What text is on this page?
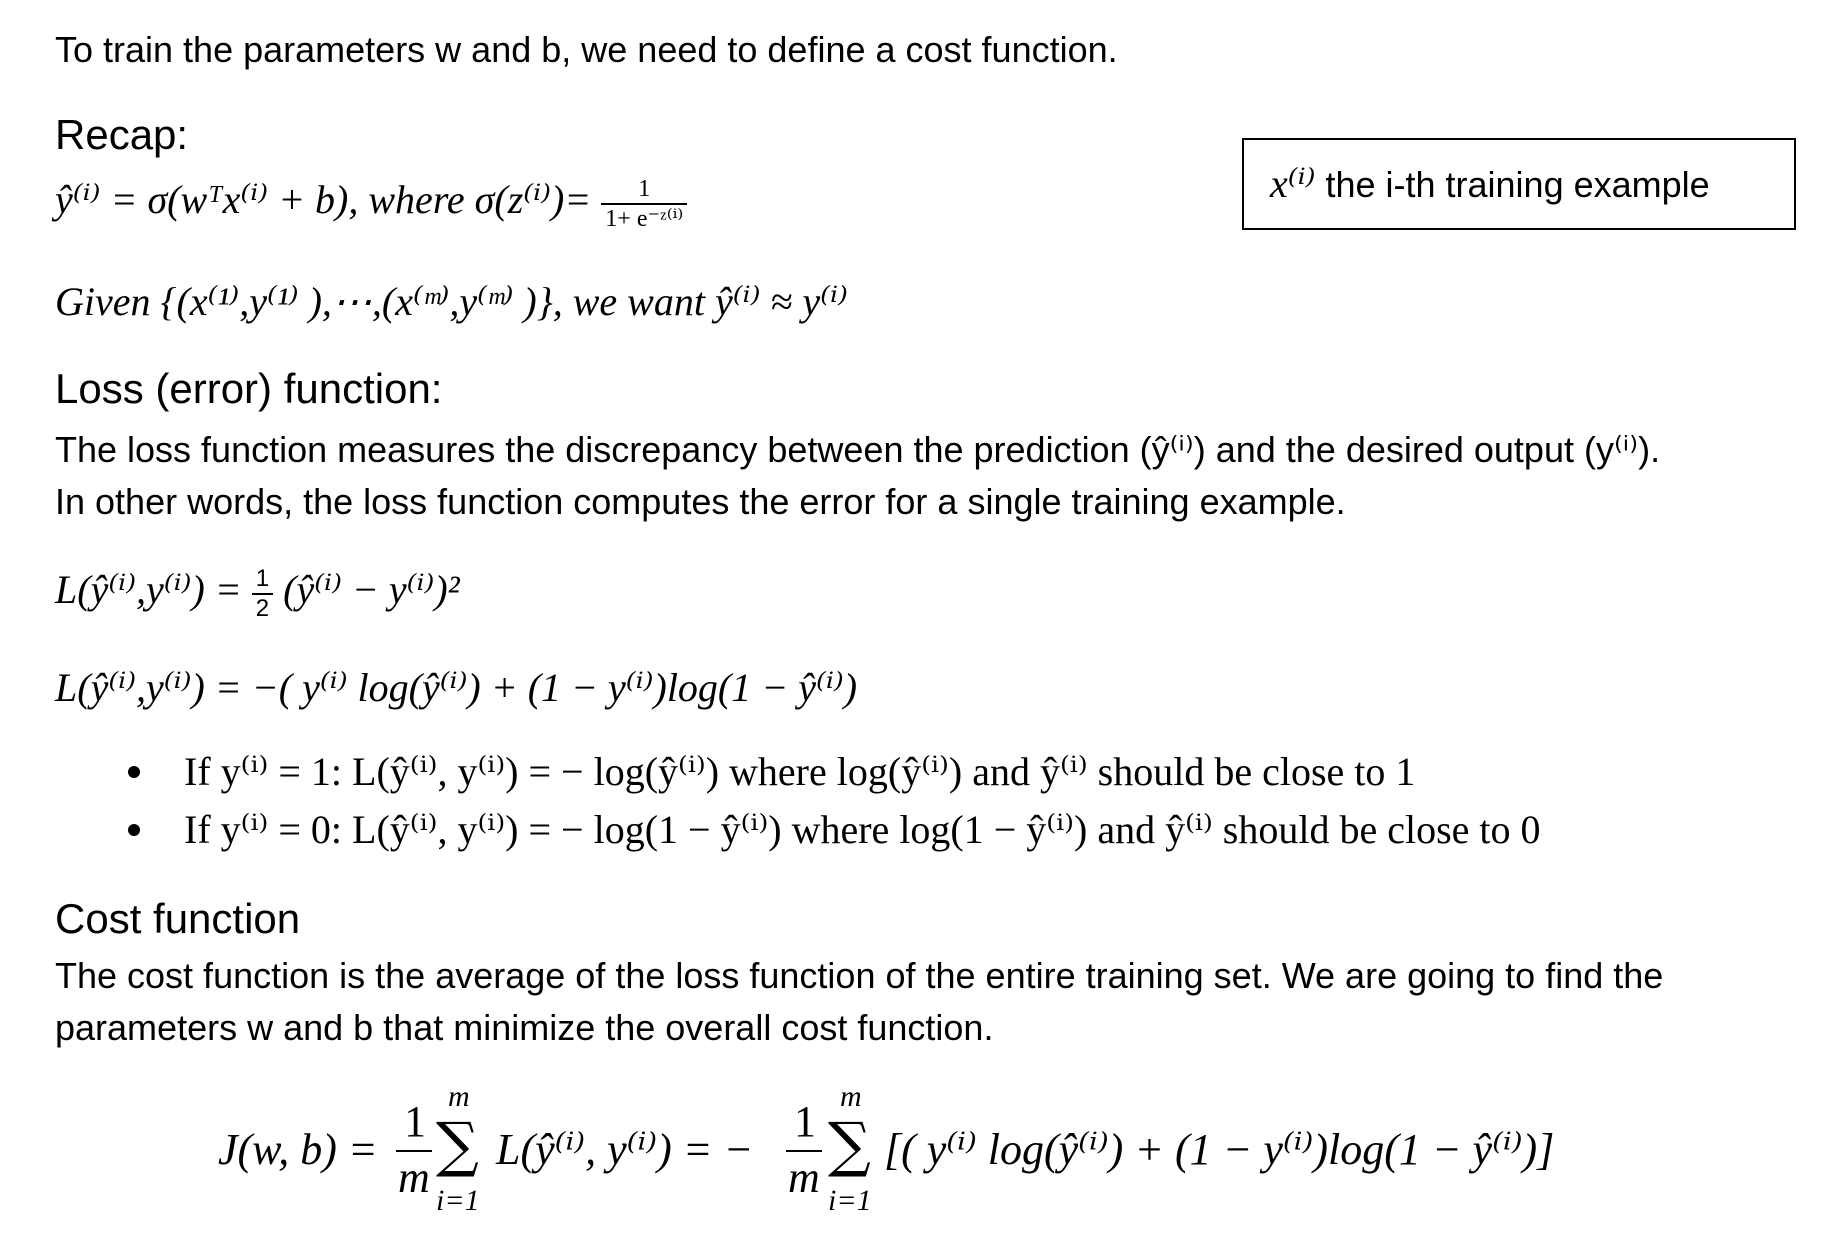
To train the parameters w and b, we need to define a cost function.
Recap:
ŷ⁽ⁱ⁾ = σ(wᵀx⁽ⁱ⁾ + b), where $\sigma(z^{(i)})= \frac{1}{\text{1+ e⁻ᶻ⁽ⁱ⁾}}$
Given {(x⁽¹⁾,y⁽¹⁾ ),⋯,(x⁽ᵐ⁾,y⁽ᵐ⁾ )}, we want ŷ⁽ⁱ⁾ ≈ y⁽ⁱ⁾
x⁽ⁱ⁾ the i-th training example
Loss (error) function:
The loss function measures the discrepancy between the prediction (ŷ⁽ⁱ⁾) and the desired output (y⁽ⁱ⁾).
In other words, the loss function computes the error for a single training example.
L(ŷ⁽ⁱ⁾,y⁽ⁱ⁾) = $\frac{1}{2}$ (ŷ⁽ⁱ⁾ − y⁽ⁱ⁾)²
L(ŷ⁽ⁱ⁾,y⁽ⁱ⁾) = −( y⁽ⁱ⁾ log(ŷ⁽ⁱ⁾) + (1 − y⁽ⁱ⁾)log(1 − ŷ⁽ⁱ⁾)
If y⁽ⁱ⁾ = 1: L(ŷ⁽ⁱ⁾, y⁽ⁱ⁾) = − log(ŷ⁽ⁱ⁾) where log(ŷ⁽ⁱ⁾) and ŷ⁽ⁱ⁾ should be close to 1
If y⁽ⁱ⁾ = 0: L(ŷ⁽ⁱ⁾, y⁽ⁱ⁾) = − log(1 − ŷ⁽ⁱ⁾) where log(1 − ŷ⁽ⁱ⁾) and ŷ⁽ⁱ⁾ should be close to 0
Cost function
The cost function is the average of the loss function of the entire training set. We are going to find the
parameters w and b that minimize the overall cost function.
J(w, b) =
1
m
m
∑
i=1
L(ŷ⁽ⁱ⁾, y⁽ⁱ⁾) = −
1
m
m
∑
i=1
[( y⁽ⁱ⁾ log(ŷ⁽ⁱ⁾) + (1 − y⁽ⁱ⁾)log(1 − ŷ⁽ⁱ⁾)]
